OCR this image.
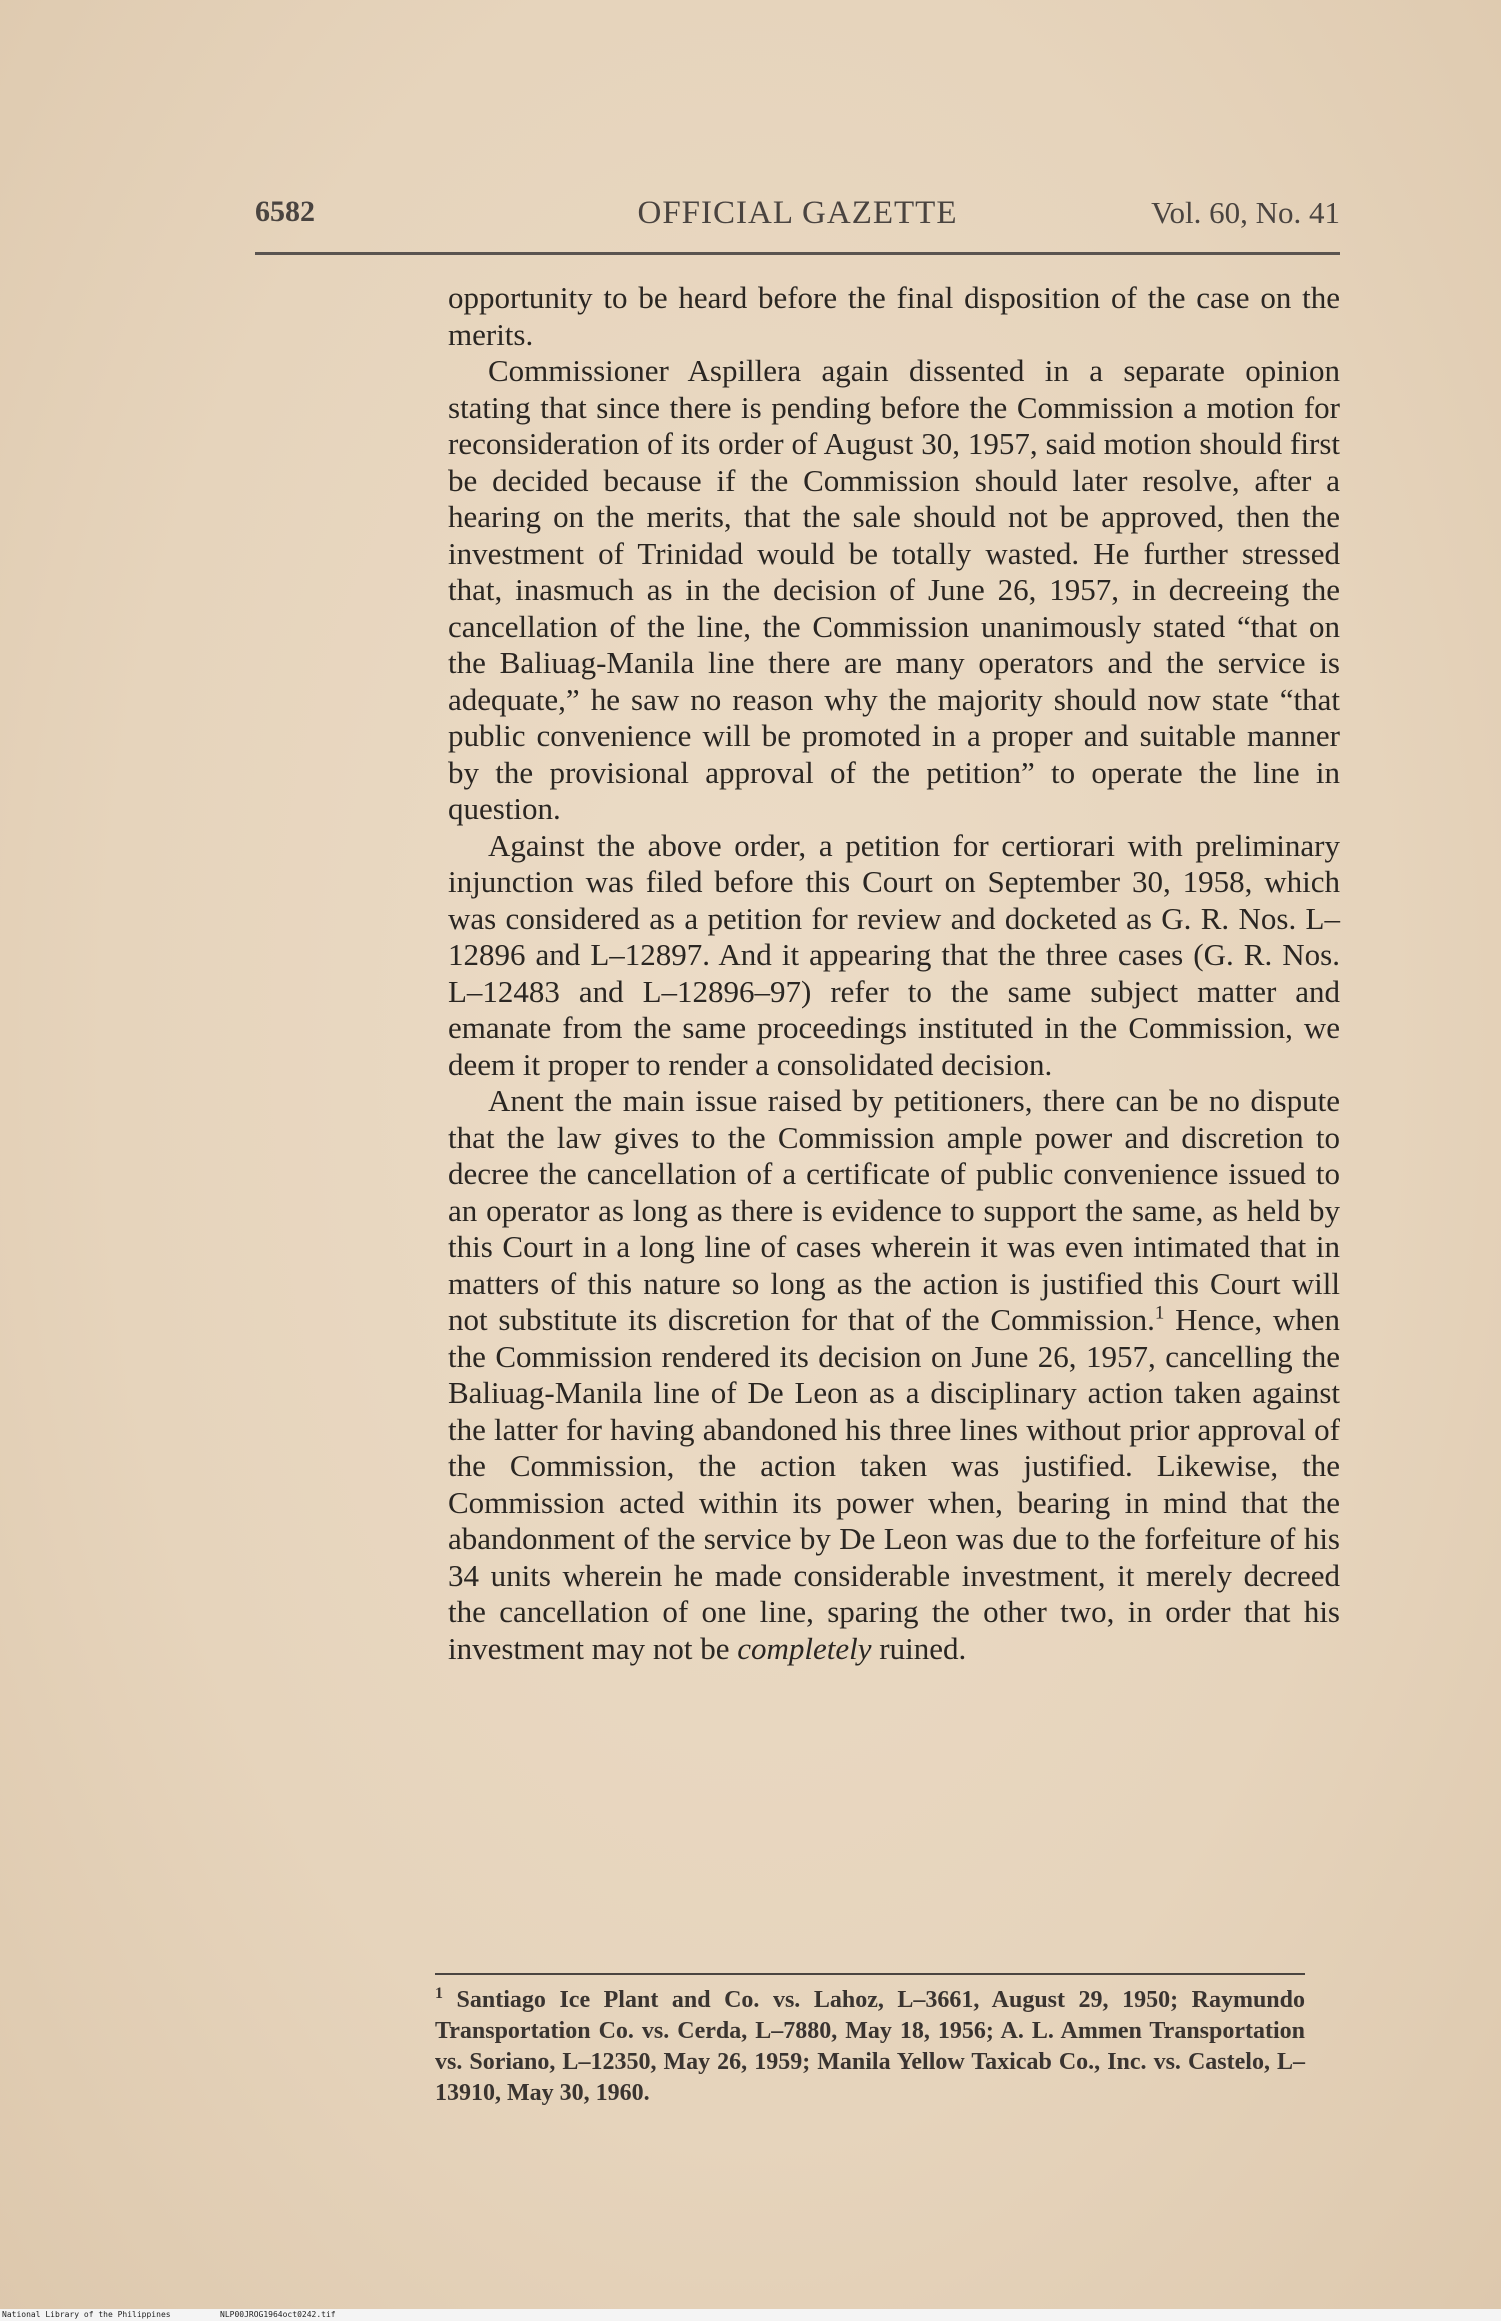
6582	OFFICIAL GAZETTE	Vol. 60, No. 41

opportunity to be heard before the final disposition of the case on the merits.

Commissioner Aspillera again dissented in a separate opinion stating that since there is pending before the Commission a motion for reconsideration of its order of August 30, 1957, said motion should first be decided because if the Commission should later resolve, after a hearing on the merits, that the sale should not be approved, then the investment of Trinidad would be totally wasted. He further stressed that, inasmuch as in the decision of June 26, 1957, in decreeing the cancellation of the line, the Commission unanimously stated “that on the Baliuag-Manila line there are many operators and the service is adequate,” he saw no reason why the majority should now state “that public convenience will be promoted in a proper and suitable manner by the provisional approval of the petition” to operate the line in question.

Against the above order, a petition for certiorari with preliminary injunction was filed before this Court on September 30, 1958, which was considered as a petition for review and docketed as G. R. Nos. L–12896 and L–12897. And it appearing that the three cases (G. R. Nos. L–12483 and L–12896–97) refer to the same subject matter and emanate from the same proceedings instituted in the Commission, we deem it proper to render a consolidated decision.

Anent the main issue raised by petitioners, there can be no dispute that the law gives to the Commission ample power and discretion to decree the cancellation of a certificate of public convenience issued to an operator as long as there is evidence to support the same, as held by this Court in a long line of cases wherein it was even intimated that in matters of this nature so long as the action is justified this Court will not substitute its discretion for that of the Commission.$^1$ Hence, when the Commission rendered its decision on June 26, 1957, cancelling the Baliuag-Manila line of De Leon as a disciplinary action taken against the latter for having abandoned his three lines without prior approval of the Commission, the action taken was justified. Likewise, the Commission acted within its power when, bearing in mind that the abandonment of the service by De Leon was due to the forfeiture of his 34 units wherein he made considerable investment, it merely decreed the cancellation of one line, sparing the other two, in order that his investment may not be completely ruined.

$^1$ Santiago Ice Plant and Co. vs. Lahoz, L–3661, August 29, 1950; Raymundo Transportation Co. vs. Cerda, L–7880, May 18, 1956; A. L. Ammen Transportation vs. Soriano, L–12350, May 26, 1959; Manila Yellow Taxicab Co., Inc. vs. Castelo, L–13910, May 30, 1960.
National Library of the Philippines	NLP00JROG1964oct0242.tif
